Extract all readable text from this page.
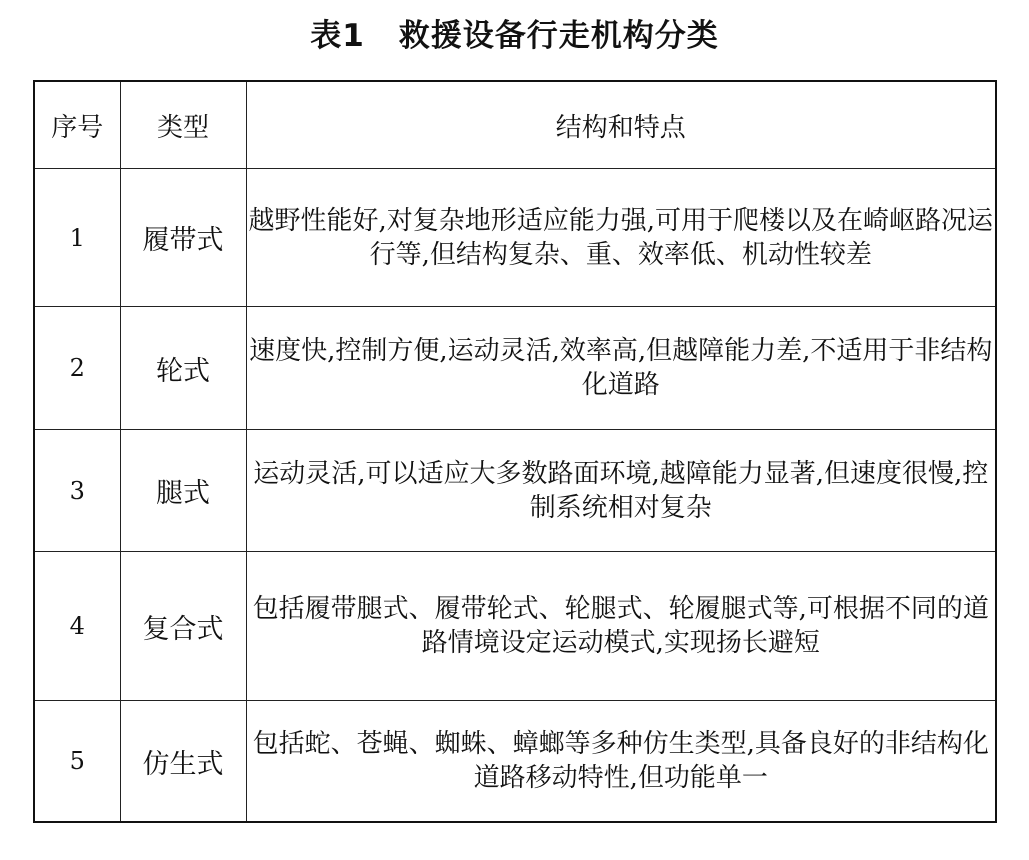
表1 救援设备行走机构分类
序号	类型	结构和特点
1	履带式	越野性能好,对复杂地形适应能力强,可用于爬楼以及在崎岖路况运行等,但结构复杂、重、效率低、机动性较差
2	轮式	速度快,控制方便,运动灵活,效率高,但越障能力差,不适用于非结构化道路
3	腿式	运动灵活,可以适应大多数路面环境,越障能力显著,但速度很慢,控制系统相对复杂
4	复合式	包括履带腿式、履带轮式、轮腿式、轮履腿式等,可根据不同的道路情境设定运动模式,实现扬长避短
5	仿生式	包括蛇、苍蝇、蜘蛛、蟑螂等多种仿生类型,具备良好的非结构化道路移动特性,但功能单一
